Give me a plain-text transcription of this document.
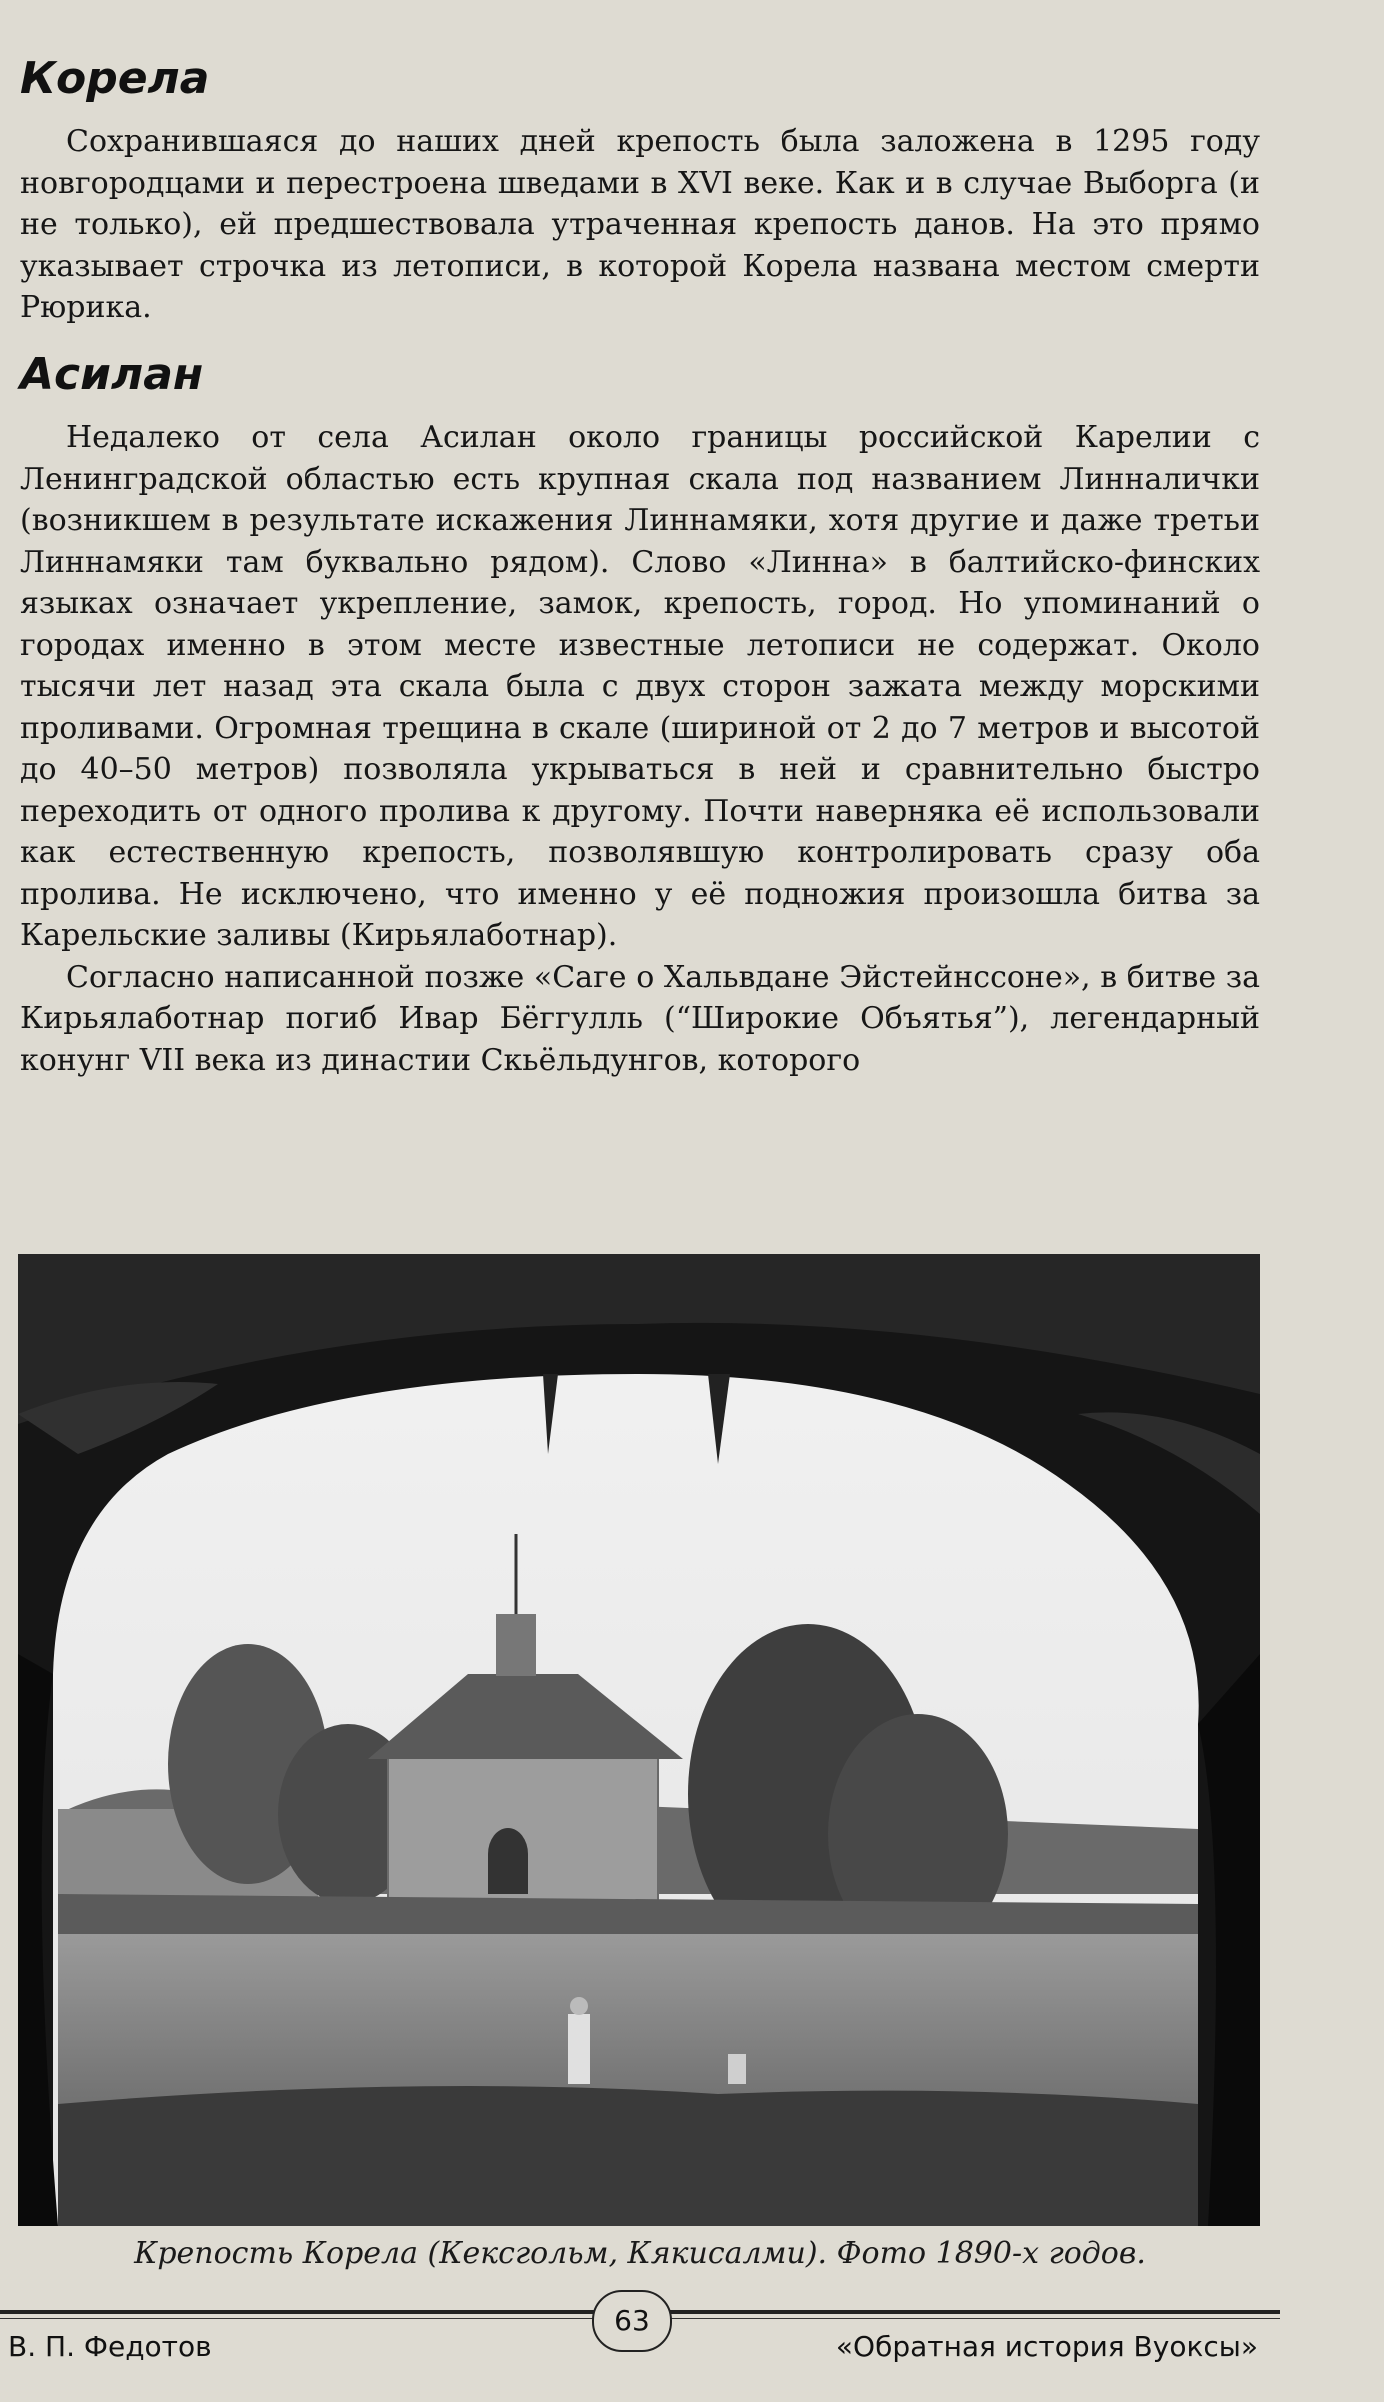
Корела

Сохранившаяся до наших дней крепость была заложена в 1295 году новгородцами и перестроена шведами в XVI веке. Как и в случае Выборга (и не только), ей предшествовала утраченная крепость данов. На это прямо указывает строчка из летописи, в которой Корела названа местом смерти Рюрика.

Асилан

Недалеко от села Асилан около границы российской Карелии с Ленинградской областью есть крупная скала под названием Линналички (возникшем в результате искажения Линнамяки, хотя другие и даже третьи Линнамяки там буквально рядом). Слово «Линна» в балтийско-финских языках означает укрепление, замок, крепость, город. Но упоминаний о городах именно в этом месте известные летописи не содержат. Около тысячи лет назад эта скала была с двух сторон зажата между морскими проливами. Огромная трещина в скале (шириной от 2 до 7 метров и высотой до 40–50 метров) позволяла укрываться в ней и сравнительно быстро переходить от одного пролива к другому. Почти наверняка её использовали как естественную крепость, позволявшую контролировать сразу оба пролива. Не исключено, что именно у её подножия произошла битва за Карельские заливы (Кирьялаботнар).

Согласно написанной позже «Саге о Хальвдане Эйстейнссоне», в битве за Кирьялаботнар погиб Ивар Бёггулль (“Широкие Объятья”), легендарный конунг VII века из династии Скьёльдунгов, которого

Крепость Корела (Кексгольм, Кякисалми). Фото 1890-х годов.
В. П. Федотов
63
«Обратная история Вуоксы»
